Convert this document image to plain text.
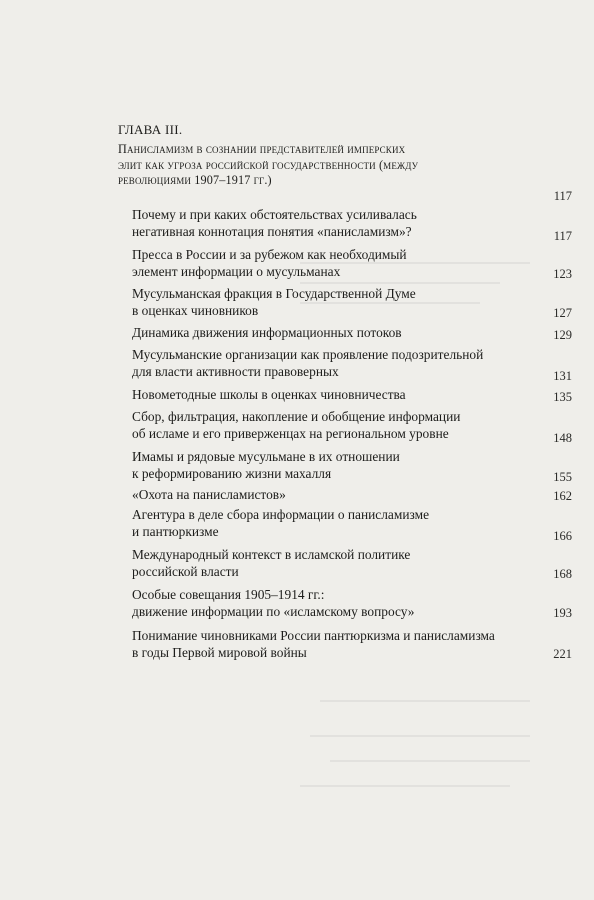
ГЛАВА III.
Панисламизм в сознании представителей имперских
элит как угроза российской государственности (между
революциями 1907–1917 гг.)
117
Почему и при каких обстоятельствах усиливалась
негативная коннотация понятия «панисламизм»?	117
Пресса в России и за рубежом как необходимый
элемент информации о мусульманах	123
Мусульманская фракция в Государственной Думе
в оценках чиновников	127
Динамика движения информационных потоков	129
Мусульманские организации как проявление подозрительной
для власти активности правоверных	131
Новометодные школы в оценках чиновничества	135
Сбор, фильтрация, накопление и обобщение информации
об исламе и его приверженцах на региональном уровне	148
Имамы и рядовые мусульмане в их отношении
к реформированию жизни махалля	155
«Охота на панисламистов»	162
Агентура в деле сбора информации о панисламизме
и пантюркизме	166
Международный контекст в исламской политике
российской власти	168
Особые совещания 1905–1914 гг.:
движение информации по «исламскому вопросу»	193
Понимание чиновниками России пантюркизма и панисламизма
в годы Первой мировой войны	221
